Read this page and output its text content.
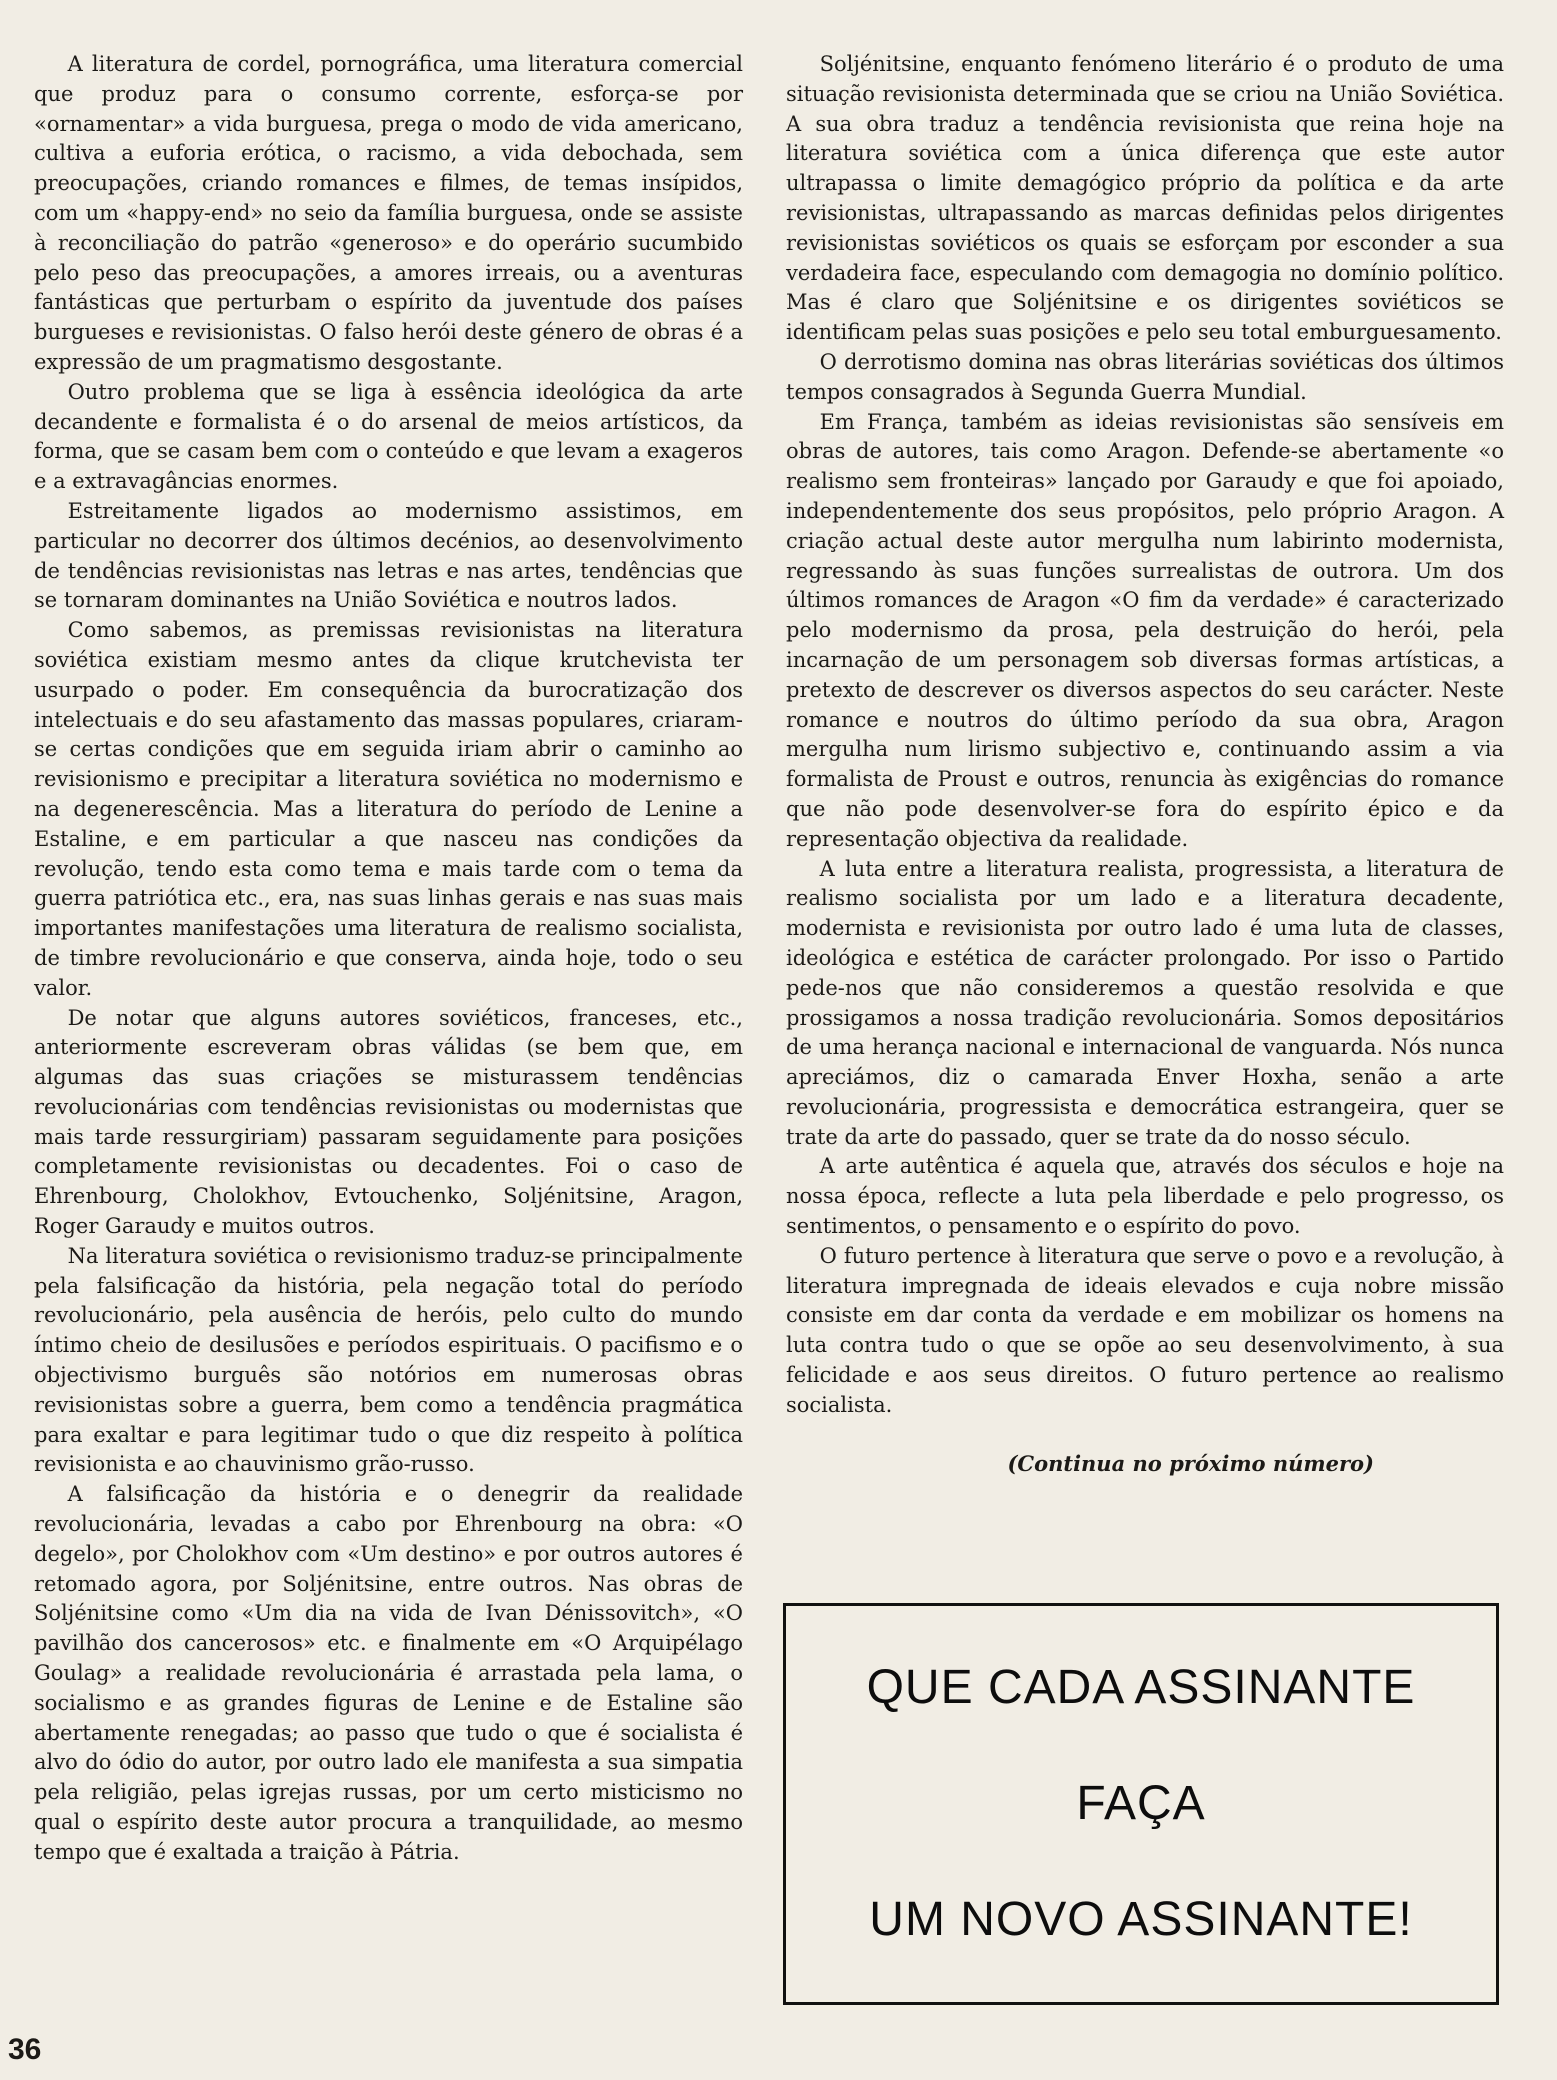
A literatura de cordel, pornográfica, uma literatura comercial que produz para o consumo corrente, esforça-se por «ornamentar» a vida burguesa, prega o modo de vida americano, cultiva a euforia erótica, o racismo, a vida debochada, sem preocupações, criando romances e filmes, de temas insípidos, com um «happy-end» no seio da família burguesa, onde se assiste à reconciliação do patrão «generoso» e do operário sucumbido pelo peso das preocupações, a amores irreais, ou a aventuras fantásticas que perturbam o espírito da juventude dos países burgueses e revisionistas. O falso herói deste género de obras é a expressão de um pragmatismo desgostante.

Outro problema que se liga à essência ideológica da arte decandente e formalista é o do arsenal de meios artísticos, da forma, que se casam bem com o conteúdo e que levam a exageros e a extravagâncias enormes.

Estreitamente ligados ao modernismo assistimos, em particular no decorrer dos últimos decénios, ao desenvolvimento de tendências revisionistas nas letras e nas artes, tendências que se tornaram dominantes na União Soviética e noutros lados.

Como sabemos, as premissas revisionistas na literatura soviética existiam mesmo antes da clique krutchevista ter usurpado o poder. Em consequência da burocratização dos intelectuais e do seu afastamento das massas populares, criaram-se certas condições que em seguida iriam abrir o caminho ao revisionismo e precipitar a literatura soviética no modernismo e na degenerescência. Mas a literatura do período de Lenine a Estaline, e em particular a que nasceu nas condições da revolução, tendo esta como tema e mais tarde com o tema da guerra patriótica etc., era, nas suas linhas gerais e nas suas mais importantes manifestações uma literatura de realismo socialista, de timbre revolucionário e que conserva, ainda hoje, todo o seu valor.

De notar que alguns autores soviéticos, franceses, etc., anteriormente escreveram obras válidas (se bem que, em algumas das suas criações se misturassem tendências revolucionárias com tendências revisionistas ou modernistas que mais tarde ressurgiriam) passaram seguidamente para posições completamente revisionistas ou decadentes. Foi o caso de Ehrenbourg, Cholokhov, Evtouchenko, Soljénitsine, Aragon, Roger Garaudy e muitos outros.

Na literatura soviética o revisionismo traduz-se principalmente pela falsificação da história, pela negação total do período revolucionário, pela ausência de heróis, pelo culto do mundo íntimo cheio de desilusões e períodos espirituais. O pacifismo e o objectivismo burguês são notórios em numerosas obras revisionistas sobre a guerra, bem como a tendência pragmática para exaltar e para legitimar tudo o que diz respeito à política revisionista e ao chauvinismo grão-russo.

A falsificação da história e o denegrir da realidade revolucionária, levadas a cabo por Ehrenbourg na obra: «O degelo», por Cholokhov com «Um destino» e por outros autores é retomado agora, por Soljénitsine, entre outros. Nas obras de Soljénitsine como «Um dia na vida de Ivan Dénissovitch», «O pavilhão dos cancerosos» etc. e finalmente em «O Arquipélago Goulag» a realidade revolucionária é arrastada pela lama, o socialismo e as grandes figuras de Lenine e de Estaline são abertamente renegadas; ao passo que tudo o que é socialista é alvo do ódio do autor, por outro lado ele manifesta a sua simpatia pela religião, pelas igrejas russas, por um certo misticismo no qual o espírito deste autor procura a tranquilidade, ao mesmo tempo que é exaltada a traição à Pátria.

Soljénitsine, enquanto fenómeno literário é o produto de uma situação revisionista determinada que se criou na União Soviética. A sua obra traduz a tendência revisionista que reina hoje na literatura soviética com a única diferença que este autor ultrapassa o limite demagógico próprio da política e da arte revisionistas, ultrapassando as marcas definidas pelos dirigentes revisionistas soviéticos os quais se esforçam por esconder a sua verdadeira face, especulando com demagogia no domínio político. Mas é claro que Soljénitsine e os dirigentes soviéticos se identificam pelas suas posições e pelo seu total emburguesamento.

O derrotismo domina nas obras literárias soviéticas dos últimos tempos consagrados à Segunda Guerra Mundial.

Em França, também as ideias revisionistas são sensíveis em obras de autores, tais como Aragon. Defende-se abertamente «o realismo sem fronteiras» lançado por Garaudy e que foi apoiado, independentemente dos seus propósitos, pelo próprio Aragon. A criação actual deste autor mergulha num labirinto modernista, regressando às suas funções surrealistas de outrora. Um dos últimos romances de Aragon «O fim da verdade» é caracterizado pelo modernismo da prosa, pela destruição do herói, pela incarnação de um personagem sob diversas formas artísticas, a pretexto de descrever os diversos aspectos do seu carácter. Neste romance e noutros do último período da sua obra, Aragon mergulha num lirismo subjectivo e, continuando assim a via formalista de Proust e outros, renuncia às exigências do romance que não pode desenvolver-se fora do espírito épico e da representação objectiva da realidade.

A luta entre a literatura realista, progressista, a literatura de realismo socialista por um lado e a literatura decadente, modernista e revisionista por outro lado é uma luta de classes, ideológica e estética de carácter prolongado. Por isso o Partido pede-nos que não consideremos a questão resolvida e que prossigamos a nossa tradição revolucionária. Somos depositários de uma herança nacional e internacional de vanguarda. Nós nunca apreciámos, diz o camarada Enver Hoxha, senão a arte revolucionária, progressista e democrática estrangeira, quer se trate da arte do passado, quer se trate da do nosso século.

A arte autêntica é aquela que, através dos séculos e hoje na nossa época, reflecte a luta pela liberdade e pelo progresso, os sentimentos, o pensamento e o espírito do povo.

O futuro pertence à literatura que serve o povo e a revolução, à literatura impregnada de ideais elevados e cuja nobre missão consiste em dar conta da verdade e em mobilizar os homens na luta contra tudo o que se opõe ao seu desenvolvimento, à sua felicidade e aos seus direitos. O futuro pertence ao realismo socialista.

(Continua no próximo número)
QUE CADA ASSINANTE
FAÇA
UM NOVO ASSINANTE!
36
